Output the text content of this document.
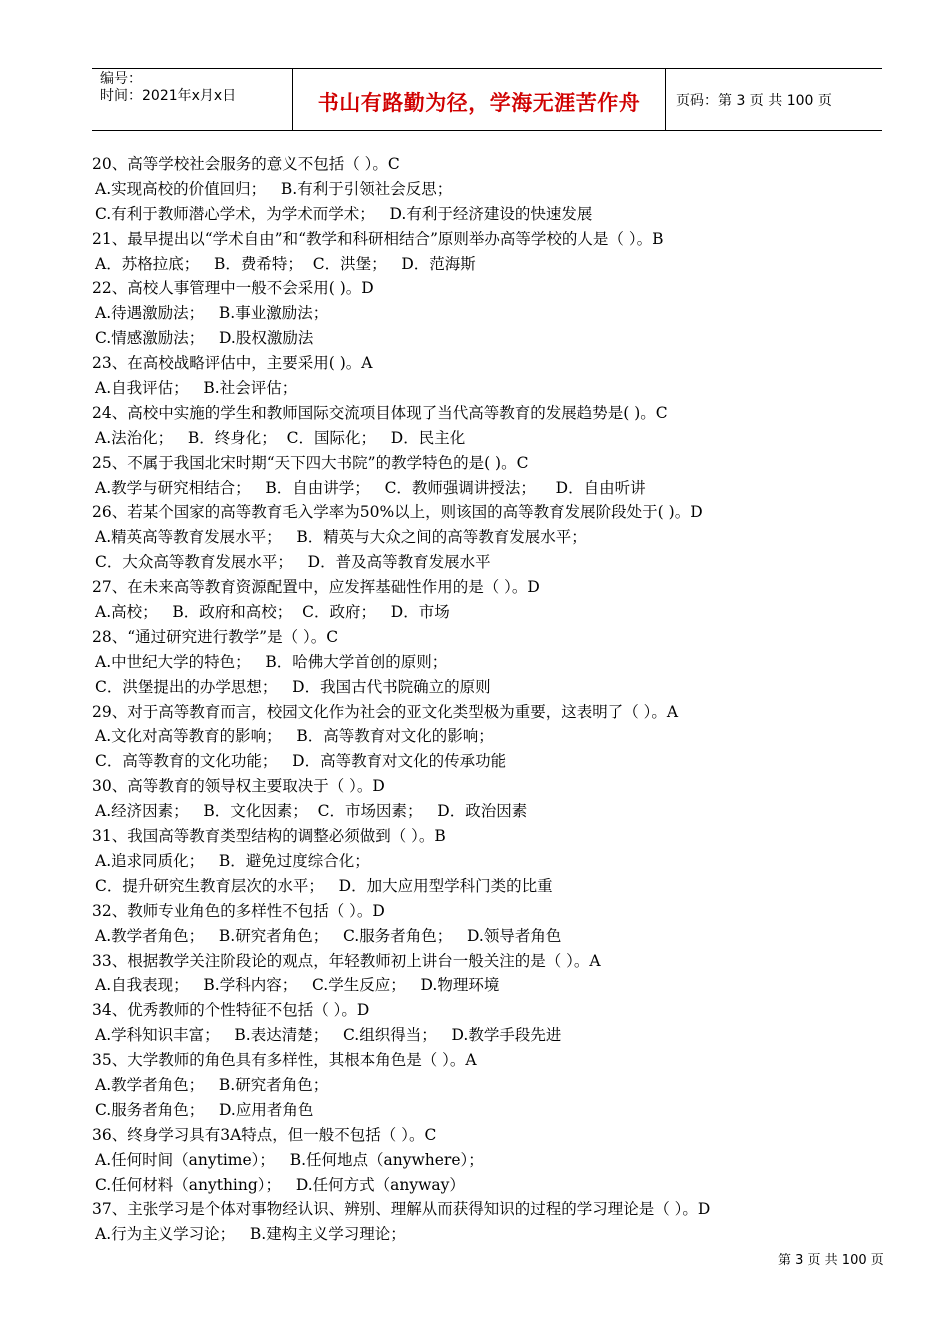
编号：
时间：2021年x月x日	书山有路勤为径，学海无涯苦作舟	页码：第 3 页 共 100 页
20、高等学校社会服务的意义不包括（ ）。C
A.实现高校的价值回归；   B.有利于引领社会反思；
C.有利于教师潜心学术，为学术而学术；   D.有利于经济建设的快速发展
21、最早提出以“学术自由”和“教学和科研相结合”原则举办高等学校的人是（ ）。B
A．苏格拉底；   B．费希特；  C．洪堡；   D．范海斯
22、高校人事管理中一般不会采用( )。D
A.待遇激励法；   B.事业激励法；
C.情感激励法；   D.股权激励法
23、在高校战略评估中，主要采用( )。A
A.自我评估；   B.社会评估；
24、高校中实施的学生和教师国际交流项目体现了当代高等教育的发展趋势是( )。C
A.法治化；   B．终身化；  C．国际化；   D．民主化
25、不属于我国北宋时期“天下四大书院”的教学特色的是( )。C
A.教学与研究相结合；   B．自由讲学；   C．教师强调讲授法；    D．自由听讲
26、若某个国家的高等教育毛入学率为50%以上，则该国的高等教育发展阶段处于( )。D
A.精英高等教育发展水平；   B．精英与大众之间的高等教育发展水平；
C．大众高等教育发展水平；   D．普及高等教育发展水平
27、在未来高等教育资源配置中，应发挥基础性作用的是（ ）。D
A.高校；   B．政府和高校；  C．政府；   D．市场
28、“通过研究进行教学”是（ ）。C
A.中世纪大学的特色；   B．哈佛大学首创的原则；
C．洪堡提出的办学思想；   D．我国古代书院确立的原则
29、对于高等教育而言，校园文化作为社会的亚文化类型极为重要，这表明了（ ）。A
A.文化对高等教育的影响；   B．高等教育对文化的影响；
C．高等教育的文化功能；   D．高等教育对文化的传承功能
30、高等教育的领导权主要取决于（ ）。D
A.经济因素；   B．文化因素；  C．市场因素；   D．政治因素
31、我国高等教育类型结构的调整必须做到（ ）。B
A.追求同质化；   B．避免过度综合化；
C．提升研究生教育层次的水平；   D．加大应用型学科门类的比重
32、教师专业角色的多样性不包括（ ）。D
A.教学者角色；   B.研究者角色；   C.服务者角色；   D.领导者角色
33、根据教学关注阶段论的观点，年轻教师初上讲台一般关注的是（ ）。A
A.自我表现；   B.学科内容；   C.学生反应；   D.物理环境
34、优秀教师的个性特征不包括（ ）。D
A.学科知识丰富；   B.表达清楚；   C.组织得当；   D.教学手段先进
35、大学教师的角色具有多样性，其根本角色是（ ）。A
A.教学者角色；   B.研究者角色；
C.服务者角色；   D.应用者角色
36、终身学习具有3A特点，但一般不包括（ ）。C
A.任何时间（anytime）；   B.任何地点（anywhere）；
C.任何材料（anything）；   D.任何方式（anyway）
37、主张学习是个体对事物经认识、辨别、理解从而获得知识的过程的学习理论是（ ）。D
A.行为主义学习论；   B.建构主义学习理论；
第 3 页 共 100 页
